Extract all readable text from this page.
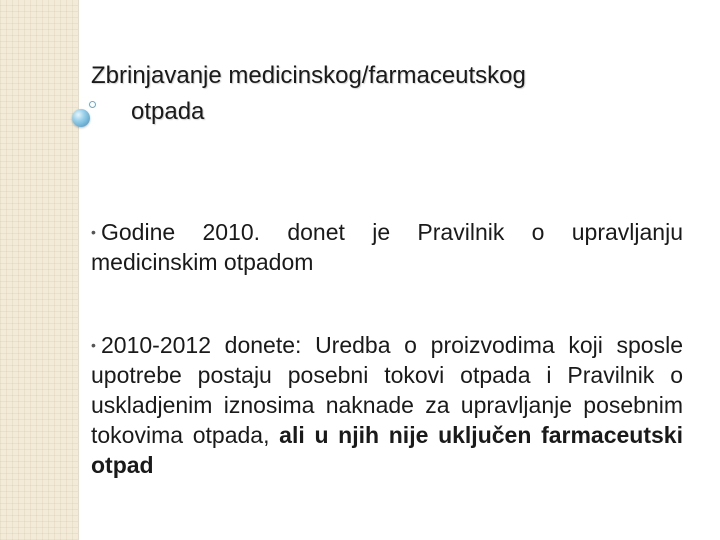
Zbrinjavanje medicinskog/farmaceutskog
otpada
• Godine 2010. donet je Pravilnik o upravljanju medicinskim otpadom
• 2010-2012 donete: Uredba o proizvodima koji sposle upotrebe postaju posebni tokovi otpada i Pravilnik o uskladjenim iznosima naknade za upravljanje posebnim tokovima otpada, ali u njih nije uključen farmaceutski otpad
